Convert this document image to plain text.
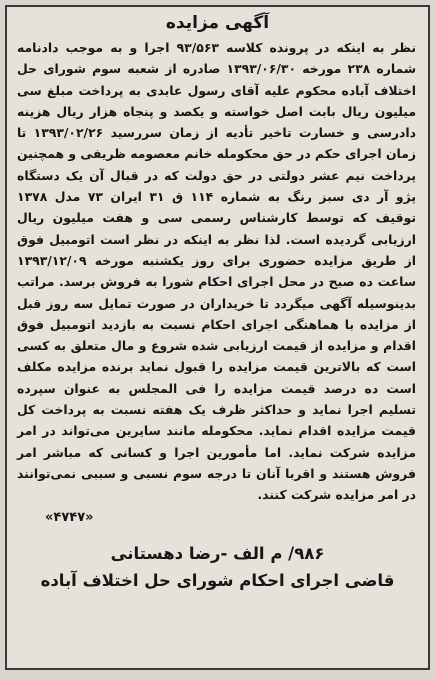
آگهی مزایده
نظر به اینکه در پرونده کلاسه ۹۳/۵۶۳ اجرا و به موجب دادنامه شماره ۲۳۸ مورخه ۱۳۹۳/۰۶/۳۰ صادره از شعبه سوم شورای حل اختلاف آباده محکوم علیه آقای رسول عابدی به پرداخت مبلغ سی میلیون ریال بابت اصل خواسته و یکصد و پنجاه هزار ریال هزینه دادرسی و خسارت تاخیر تأدیه از زمان سررسید ۱۳۹۳/۰۲/۲۶ تا زمان اجرای حکم در حق محکومله خانم معصومه ظریفی و همچنین پرداخت نیم عشر دولتی در حق دولت که در قبال آن یک دستگاه پژو آر دی سبز رنگ به شماره ۱۱۴ ق ۳۱ ایران ۷۳ مدل ۱۳۷۸ توقیف که توسط کارشناس رسمی سی و هفت میلیون ریال ارزیابی گردیده است. لذا نظر به اینکه در نظر است اتومبیل فوق از طریق مزایده حضوری برای روز یکشنبه مورخه ۱۳۹۳/۱۲/۰۹ ساعت ده صبح در محل اجرای احکام شورا به فروش برسد. مراتب بدینوسیله آگهی میگردد تا خریداران در صورت تمایل سه روز قبل از مزایده با هماهنگی اجرای احکام نسبت به بازدید اتومبیل فوق اقدام و مزایده از قیمت ارزیابی شده شروع و مال متعلق به کسی است که بالاترین قیمت مزایده را قبول نماید برنده مزایده مکلف است ده درصد قیمت مزایده را فی المجلس به عنوان سپرده تسلیم اجرا نماید و حداکثر ظرف یک هفته نسبت به پرداخت کل قیمت مزایده اقدام نماید. محکومله مانند سایرین می‌تواند در امر مزایده شرکت نماید. اما مأمورین اجرا و کسانی که مباشر امر فروش هستند و اقربا آنان تا درجه سوم نسبی و سببی نمی‌توانند در امر مزایده شرکت کنند.
«۴۷۴۷»
۹۸۶/ م الف -رضا دهستانی
قاضی اجرای احکام شورای حل اختلاف آباده
